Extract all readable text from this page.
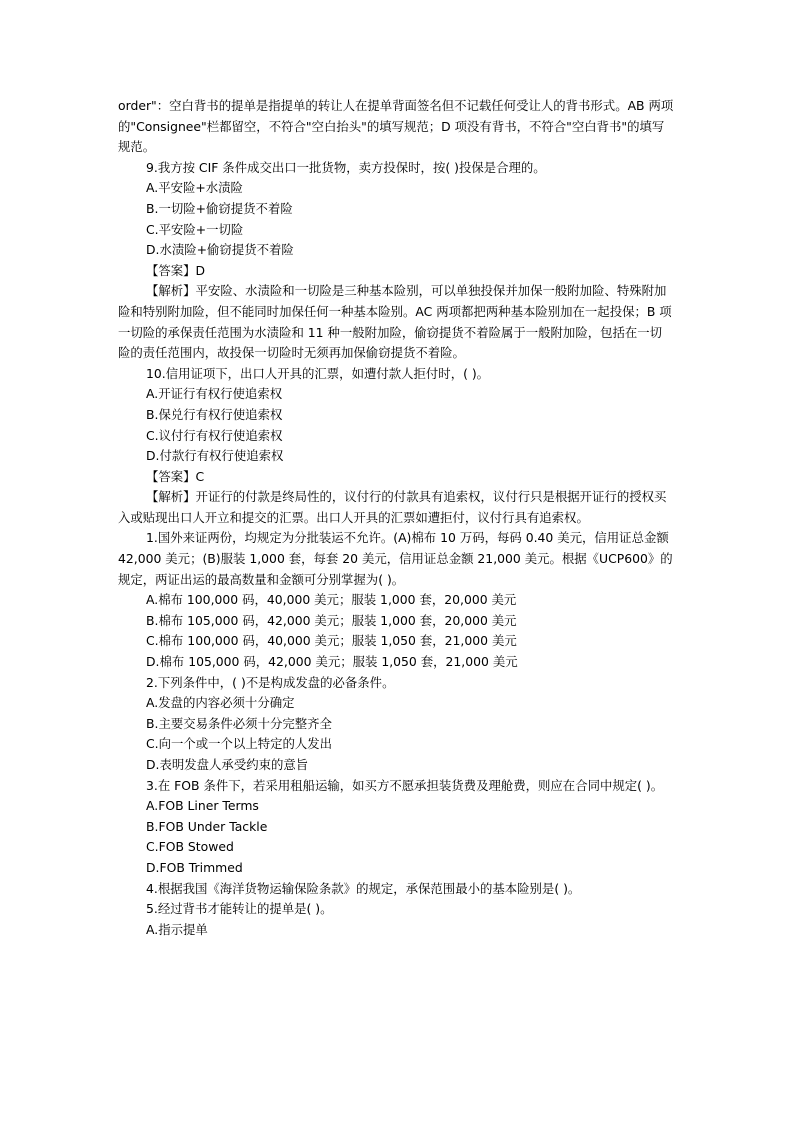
order"：空白背书的提单是指提单的转让人在提单背面签名但不记载任何受让人的背书形式。AB 两项的"Consignee"栏都留空，不符合"空白抬头"的填写规范；D 项没有背书，不符合"空白背书"的填写规范。
9.我方按 CIF 条件成交出口一批货物，卖方投保时，按( )投保是合理的。
A.平安险+水渍险
B.一切险+偷窃提货不着险
C.平安险+一切险
D.水渍险+偷窃提货不着险
【答案】D
【解析】平安险、水渍险和一切险是三种基本险别，可以单独投保并加保一般附加险、特殊附加险和特别附加险，但不能同时加保任何一种基本险别。AC 两项都把两种基本险别加在一起投保；B 项一切险的承保责任范围为水渍险和 11 种一般附加险，偷窃提货不着险属于一般附加险，包括在一切险的责任范围内，故投保一切险时无须再加保偷窃提货不着险。
10.信用证项下，出口人开具的汇票，如遭付款人拒付时，( )。
A.开证行有权行使追索权
B.保兑行有权行使追索权
C.议付行有权行使追索权
D.付款行有权行使追索权
【答案】C
【解析】开证行的付款是终局性的，议付行的付款具有追索权，议付行只是根据开证行的授权买入或贴现出口人开立和提交的汇票。出口人开具的汇票如遭拒付，议付行具有追索权。
1.国外来证两份，均规定为分批装运不允许。(A)棉布 10 万码，每码 0.40 美元，信用证总金额 42,000 美元；(B)服装 1,000 套，每套 20 美元，信用证总金额 21,000 美元。根据《UCP600》的规定，两证出运的最高数量和金额可分别掌握为( )。
A.棉布 100,000 码，40,000 美元；服装 1,000 套，20,000 美元
B.棉布 105,000 码，42,000 美元；服装 1,000 套，20,000 美元
C.棉布 100,000 码，40,000 美元；服装 1,050 套，21,000 美元
D.棉布 105,000 码，42,000 美元；服装 1,050 套，21,000 美元
2.下列条件中，( )不是构成发盘的必备条件。
A.发盘的内容必须十分确定
B.主要交易条件必须十分完整齐全
C.向一个或一个以上特定的人发出
D.表明发盘人承受约束的意旨
3.在 FOB 条件下，若采用租船运输，如买方不愿承担装货费及理舱费，则应在合同中规定( )。
A.FOB Liner Terms
B.FOB Under Tackle
C.FOB Stowed
D.FOB Trimmed
4.根据我国《海洋货物运输保险条款》的规定，承保范围最小的基本险别是( )。
5.经过背书才能转让的提单是( )。
A.指示提单
